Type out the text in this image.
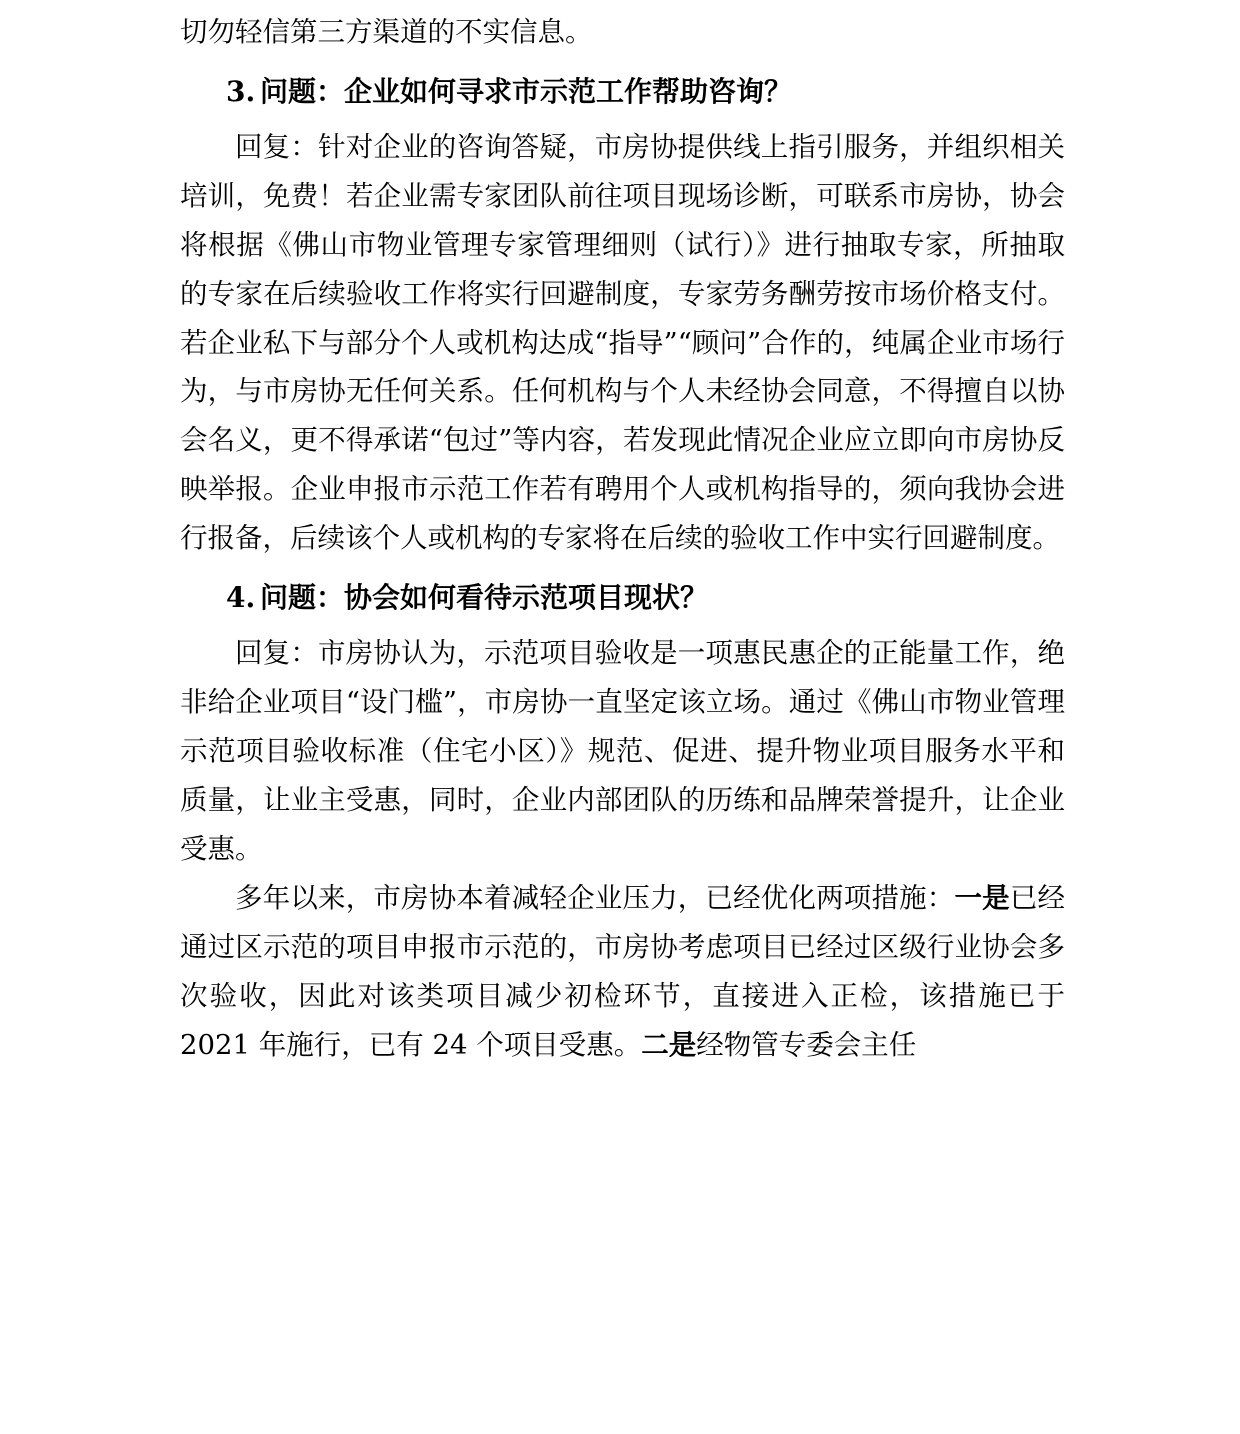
切勿轻信第三方渠道的不实信息。

3. 问题：企业如何寻求市示范工作帮助咨询？

回复：针对企业的咨询答疑，市房协提供线上指引服务，并组织相关培训，免费！若企业需专家团队前往项目现场诊断，可联系市房协，协会将根据《佛山市物业管理专家管理细则（试行）》进行抽取专家，所抽取的专家在后续验收工作将实行回避制度，专家劳务酬劳按市场价格支付。若企业私下与部分个人或机构达成“指导”“顾问”合作的，纯属企业市场行为，与市房协无任何关系。任何机构与个人未经协会同意，不得擅自以协会名义，更不得承诺“包过”等内容，若发现此情况企业应立即向市房协反映举报。企业申报市示范工作若有聘用个人或机构指导的，须向我协会进行报备，后续该个人或机构的专家将在后续的验收工作中实行回避制度。

4. 问题：协会如何看待示范项目现状？

回复：市房协认为，示范项目验收是一项惠民惠企的正能量工作，绝非给企业项目“设门槛”，市房协一直坚定该立场。通过《佛山市物业管理示范项目验收标准（住宅小区）》规范、促进、提升物业项目服务水平和质量，让业主受惠，同时，企业内部团队的历练和品牌荣誉提升，让企业受惠。

多年以来，市房协本着减轻企业压力，已经优化两项措施：一是已经通过区示范的项目申报市示范的，市房协考虑项目已经过区级行业协会多次验收，因此对该类项目减少初检环节，直接进入正检，该措施已于 2021 年施行，已有 24 个项目受惠。二是经物管专委会主任
